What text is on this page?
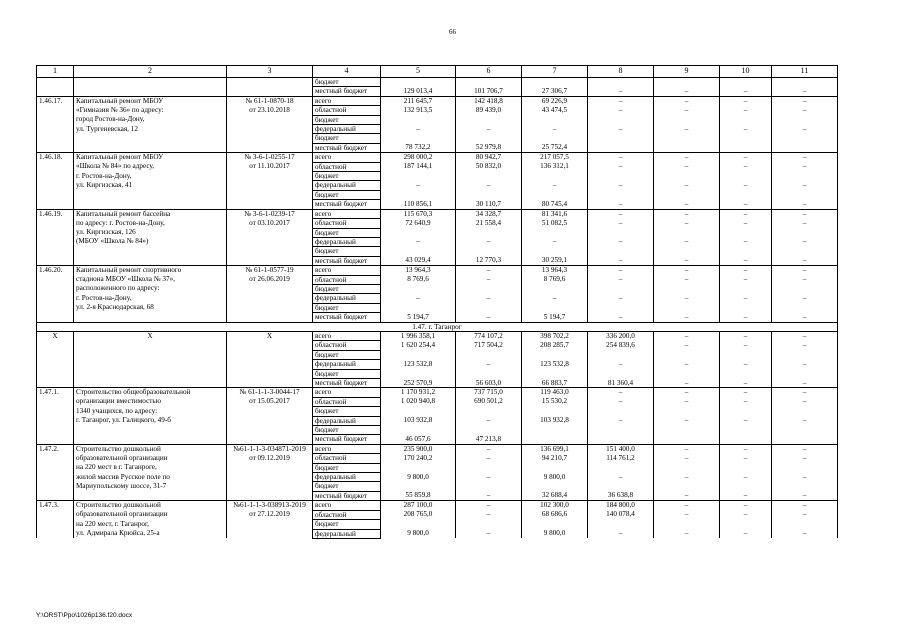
66
1	2	3	4	5	6	7	8	9	10	11
			бюджет							
			местный бюджет	129 013,4	101 706,7	27 306,7	–	–	–	–
1.46.17.	Капитальный ремонт МБОУ	№ 61-1-0870-18	всего	211 645,7	142 418,8	69 226,9	–	–	–	–
	«Гимназия № 36» по адресу:	от 23.10.2018	областной	132 913,5	89 439,0	43 474,5	–	–	–	–
	город Ростов-на-Дону,		бюджет							
	ул. Тургеневская, 12		федеральный	–	–	–	–	–	–	–
			бюджет							
			местный бюджет	78 732,2	52 979,8	25 752,4				
1.46.18.	Капитальный ремонт МБОУ	№ 3-6-1-0255-17	всего	298 000,2	80 942,7	217 057,5	–	–	–	–
	«Школа № 84» по адресу,	от 11.10.2017	областной	187 144,1	50 832,0	136 312,1	–	–	–	–
	г. Ростов-на-Дону,		бюджет							
	ул. Киргизская, 41		федеральный	–	–	–	–	–	–	–
			бюджет							
			местный бюджет	110 856,1	30 110,7	80 745,4	–	–	–	–
1.46.19.	Капитальный ремонт бассейна	№ 3-6-1-0239-17	всего	115 670,3	34 328,7	81 341,6	–	–	–	–
	по адресу: г. Ростов-на-Дону,	от 03.10.2017	областной	72 640,9	21 558,4	51 082,5	–	–	–	–
	ул. Киргизская, 126		бюджет							
	(МБОУ «Школа № 84»)		федеральный	–	–	–	–	–	–	–
			бюджет							
			местный бюджет	43 029,4	12 770,3	30 259,1	–	–	–	–
1.46.20.	Капитальный ремонт спортивного	№ 61-1-0577-19	всего	13 964,3	–	13 964,3	–	–	–	–
	стадиона МБОУ «Школа № 37»,	от 26.06.2019	областной	8 769,6	–	8 769,6	–	–	–	–
	расположенного по адресу:		бюджет							
	г. Ростов-на-Дону,		федеральный	–	–	–	–	–	–	–
	ул. 2-я Краснодарская, 68		бюджет							
			местный бюджет	5 194,7	–	5 194,7	–	–	–	–
1.47. г. Таганрог										
Х	Х	Х	всего	1 996 358,1	774 107,2	398 702,2	336 200,0	–	–	–
			областной	1 620 254,4	717 504,2	208 285,7	254 839,6	–	–	–
			бюджет							
			федеральный	123 532,8	–	123 532,8	–	–	–	–
			бюджет							
			местный бюджет	252 570,9	56 603,0	66 883,7	81 360,4	–	–	–
1.47.1.	Строительство общеобразовательной	№ 61-1-1-3-0044-17	всего	1 170 931,2	737 715,0	119 463,0	–	–	–	–
	организации вместимостью	от 15.05.2017	областной	1 020 940,8	690 501,2	15 530,2	–	–	–	–
	1340 учащихся, по адресу:		бюджет							
	г. Таганрог, ул. Галицкого, 49-б		федеральный	103 932,8	–	103 932,8	–	–	–	–
			бюджет							
			местный бюджет	46 057,6	47 213,8					
1.47.2.	Строительство дошкольной	№61-1-1-3-034871-2019	всего	235 900,0	–	136 699,1	151 400,0	–	–	–
	образовательной организации	от 09.12.2019	областной	170 240,2	–	94 210,7	114 761,2	–	–	–
	на 220 мест в г. Таганроге,		бюджет							
	жилой массив Русское поле по		федеральный	9 800,0	–	9 800,0	–	–	–	–
	Мариупольскому шоссе, 31-7		бюджет							
			местный бюджет	55 859,8	–	32 688,4	36 638,8	–	–	–
1.47.3.	Строительство дошкольной	№61-1-1-3-038913-2019	всего	287 100,0	–	102 300,0	184 800,0	–	–	–
	образовательной организации	от 27.12.2019	областной	208 765,0	–	68 686,6	140 078,4	–	–	–
	на 220 мест, г. Таганрог,		бюджет							
	ул. Адмирала Крюйса, 25-а		федеральный	9 800,0	–	9 800,0	–	–	–	–
Y:\ORST\Ppo\1026p136.f20.docx
